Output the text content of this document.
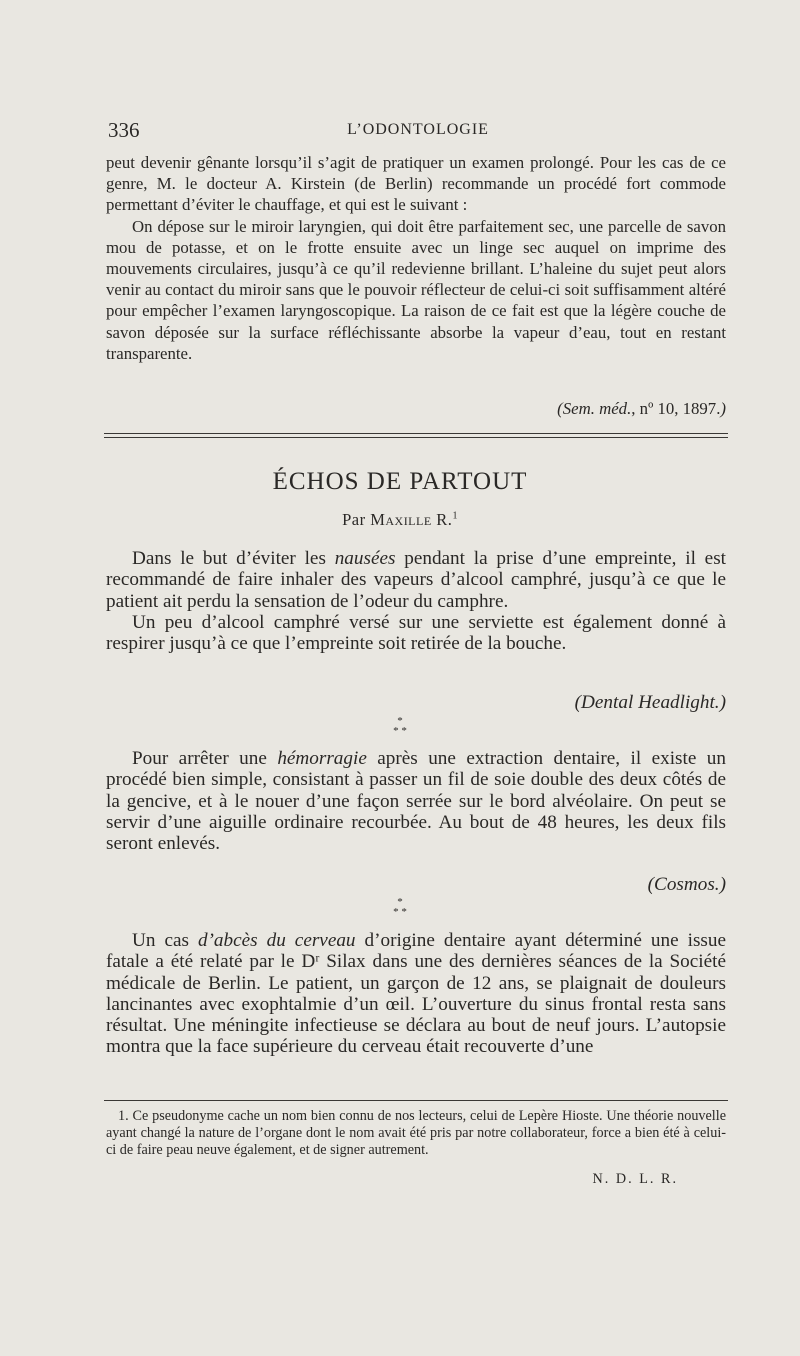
336	L’ODONTOLOGIE

peut devenir gênante lorsqu’il s’agit de pratiquer un examen prolongé. Pour les cas de ce genre, M. le docteur A. Kirstein (de Berlin) recommande un procédé fort commode permettant d’éviter le chauffage, et qui est le suivant :

On dépose sur le miroir laryngien, qui doit être parfaitement sec, une parcelle de savon mou de potasse, et on le frotte ensuite avec un linge sec auquel on imprime des mouvements circulaires, jusqu’à ce qu’il redevienne brillant. L’haleine du sujet peut alors venir au contact du miroir sans que le pouvoir réflecteur de celui-ci soit suffisamment altéré pour empêcher l’examen laryngoscopique. La raison de ce fait est que la légère couche de savon déposée sur la surface réfléchissante absorbe la vapeur d’eau, tout en restant transparente.

(Sem. méd., nº 10, 1897.)
ÉCHOS DE PARTOUT
Par Maxille R.$^1$

Dans le but d’éviter les nausées pendant la prise d’une empreinte, il est recommandé de faire inhaler des vapeurs d’alcool camphré, jusqu’à ce que le patient ait perdu la sensation de l’odeur du camphre.

Un peu d’alcool camphré versé sur une serviette est également donné à respirer jusqu’à ce que l’empreinte soit retirée de la bouche.

(Dental Headlight.)
*
* *

Pour arrêter une hémorragie après une extraction dentaire, il existe un procédé bien simple, consistant à passer un fil de soie double des deux côtés de la gencive, et à le nouer d’une façon serrée sur le bord alvéolaire. On peut se servir d’une aiguille ordinaire recourbée. Au bout de 48 heures, les deux fils seront enlevés.

(Cosmos.)
*
* *

Un cas d’abcès du cerveau d’origine dentaire ayant déterminé une issue fatale a été relaté par le Dʳ Silax dans une des dernières séances de la Société médicale de Berlin. Le patient, un garçon de 12 ans, se plaignait de douleurs lancinantes avec exophtalmie d’un œil. L’ouverture du sinus frontal resta sans résultat. Une méningite infectieuse se déclara au bout de neuf jours. L’autopsie montra que la face supérieure du cerveau était recouverte d’une

1. Ce pseudonyme cache un nom bien connu de nos lecteurs, celui de Lepère Hioste. Une théorie nouvelle ayant changé la nature de l’organe dont le nom avait été pris par notre collaborateur, force a bien été à celui-ci de faire peau neuve également, et de signer autrement.

N. D. L. R.
